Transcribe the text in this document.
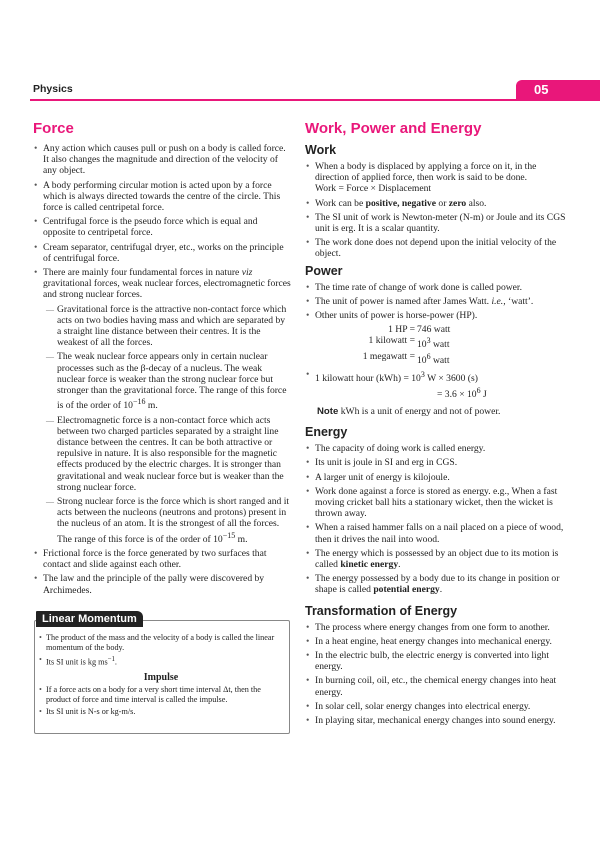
Physics	05
Force
• Any action which causes pull or push on a body is called force. It also changes the magnitude and direction of the velocity of any object.
• A body performing circular motion is acted upon by a force which is always directed towards the centre of the circle. This force is called centripetal force.
• Centrifugal force is the pseudo force which is equal and opposite to centripetal force.
• Cream separator, centrifugal dryer, etc., works on the principle of centrifugal force.
• There are mainly four fundamental forces in nature viz gravitational forces, weak nuclear forces, electromagnetic forces and strong nuclear forces.
— Gravitational force is the attractive non-contact force which acts on two bodies having mass and which are separated by a straight line distance between their centres. It is the weakest of all the forces.
— The weak nuclear force appears only in certain nuclear processes such as the β-decay of a nucleus. The weak nuclear force is weaker than the strong nuclear force but stronger than the gravitational force. The range of this force is of the order of $10^{-16}$ m.
— Electromagnetic force is a non-contact force which acts between two charged particles separated by a straight line distance between the centres. It can be both attractive or repulsive in nature. It is also responsible for the magnetic effects produced by the electric charges. It is stronger than gravitational and weak nuclear force but is weaker than the strong nuclear force.
— Strong nuclear force is the force which is short ranged and it acts between the nucleons (neutrons and protons) present in the nucleus of an atom. It is the strongest of all the forces. The range of this force is of the order of $10^{-15}$ m.
• Frictional force is the force generated by two surfaces that contact and slide against each other.
• The law and the principle of the pally were discovered by Archimedes.
Linear Momentum
• The product of the mass and the velocity of a body is called the linear momentum of the body.
• Its SI unit is kg $ms^{-1}$.
Impulse
• If a force acts on a body for a very short time interval Δt, then the product of force and time interval is called the impulse.
• Its SI unit is N-s or kg-m/s.
Work, Power and Energy
Work
• When a body is displaced by applying a force on it, in the direction of applied force, then work is said to be done.
Work = Force × Displacement
• Work can be positive, negative or zero also.
• The SI unit of work is Newton-meter (N-m) or Joule and its CGS unit is erg. It is a scalar quantity.
• The work done does not depend upon the initial velocity of the object.
Power
• The time rate of change of work done is called power.
• The unit of power is named after James Watt. i.e., ‘watt’.
• Other units of power is horse-power (HP).
1 HP = 746 watt
1 kilowatt = $10^3$ watt
1 megawatt = $10^6$ watt
• 1 kilowatt hour $(kWh) = 10^3$ W × 3600 (s)
= $3.6 \times 10^6$ J
Note kWh is a unit of energy and not of power.
Energy
• The capacity of doing work is called energy.
• Its unit is joule in SI and erg in CGS.
• A larger unit of energy is kilojoule.
• Work done against a force is stored as energy. e.g., When a fast moving cricket ball hits a stationary wicket, then the wicket is thrown away.
• When a raised hammer falls on a nail placed on a piece of wood, then it drives the nail into wood.
• The energy which is possessed by an object due to its motion is called kinetic energy.
• The energy possessed by a body due to its change in position or shape is called potential energy.
Transformation of Energy
• The process where energy changes from one form to another.
• In a heat engine, heat energy changes into mechanical energy.
• In the electric bulb, the electric energy is converted into light energy.
• In burning coil, oil, etc., the chemical energy changes into heat energy.
• In solar cell, solar energy changes into electrical energy.
• In playing sitar, mechanical energy changes into sound energy.
